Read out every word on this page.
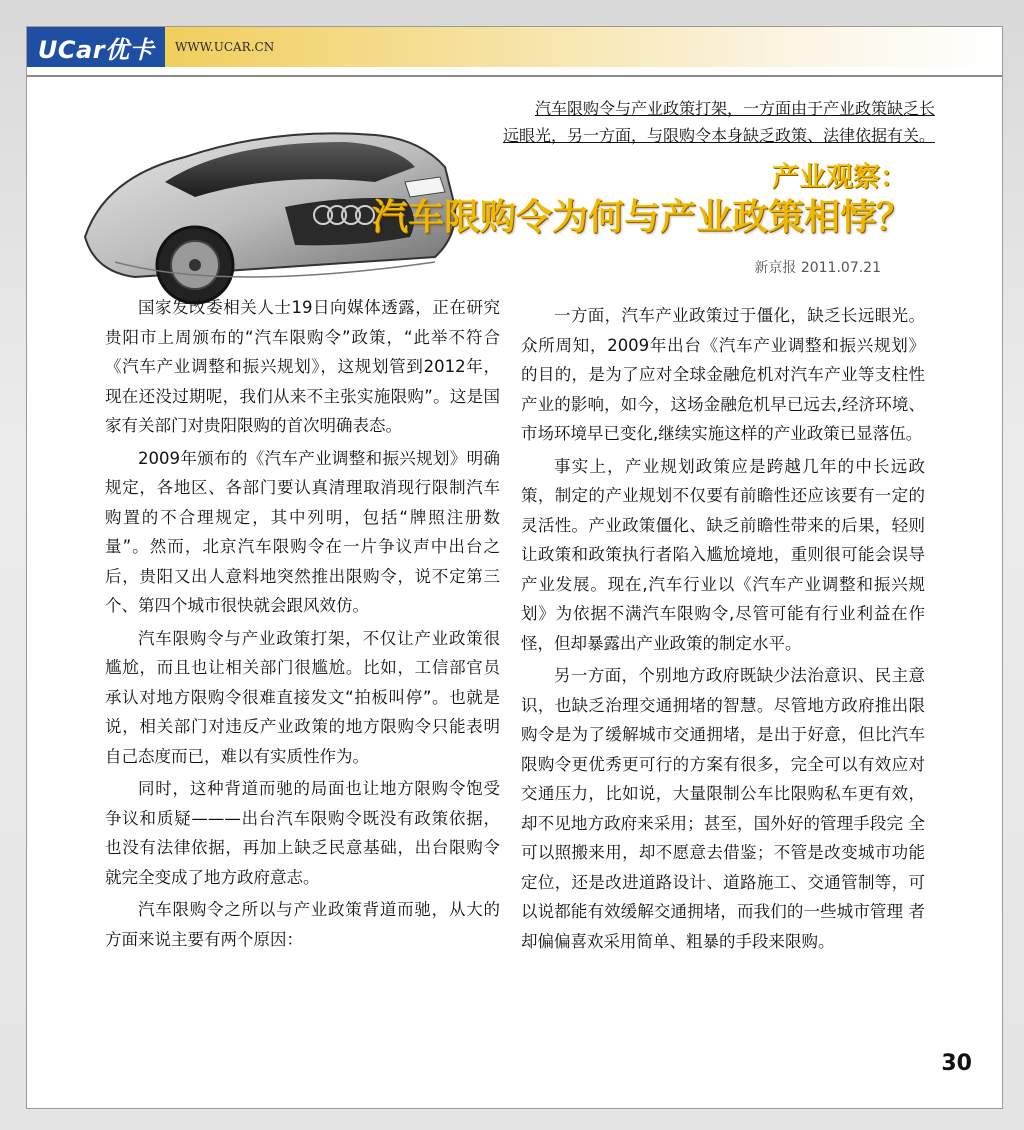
UCar优卡	WWW.UCAR.CN
汽车限购令与产业政策打架，一方面由于产业政策缺乏长
远眼光，另一方面，与限购令本身缺乏政策、法律依据有关。
产业观察：
汽车限购令为何与产业政策相悖？
新京报 2011.07.21

国家发改委相关人士19日向媒体透露，正在研究贵阳市上周颁布的“汽车限购令”政策，“此举不符合《汽车产业调整和振兴规划》，这规划管到2012年，现在还没过期呢，我们从来不主张实施限购”。这是国家有关部门对贵阳限购的首次明确表态。

2009年颁布的《汽车产业调整和振兴规划》明确规定，各地区、各部门要认真清理取消现行限制汽车购置的不合理规定，其中列明，包括“牌照注册数 量”。然而，北京汽车限购令在一片争议声中出台之后，贵阳又出人意料地突然推出限购令，说不定第三个、第四个城市很快就会跟风效仿。

汽车限购令与产业政策打架，不仅让产业政策很尴尬，而且也让相关部门很尴尬。比如，工信部官员承认对地方限购令很难直接发文“拍板叫停”。也就是说，相关部门对违反产业政策的地方限购令只能表明自己态度而已，难以有实质性作为。

同时，这种背道而驰的局面也让地方限购令饱受争议和质疑———出台汽车限购令既没有政策依据，也没有法律依据，再加上缺乏民意基础，出台限购令就完全变成了地方政府意志。

汽车限购令之所以与产业政策背道而驰，从大的方面来说主要有两个原因：

一方面，汽车产业政策过于僵化，缺乏长远眼光。众所周知，2009年出台《汽车产业调整和振兴规划》的目的，是为了应对全球金融危机对汽车产业等支柱性产业的影响，如今，这场金融危机早已远去,经济环境、市场环境早已变化,继续实施这样的产业政策已显落伍。

事实上，产业规划政策应是跨越几年的中长远政策，制定的产业规划不仅要有前瞻性还应该要有一定的灵活性。产业政策僵化、缺乏前瞻性带来的后果，轻则 让政策和政策执行者陷入尴尬境地，重则很可能会误导产业发展。现在,汽车行业以《汽车产业调整和振兴规划》为依据不满汽车限购令,尽管可能有行业利益在作怪，但却暴露出产业政策的制定水平。

另一方面，个别地方政府既缺少法治意识、民主意识，也缺乏治理交通拥堵的智慧。尽管地方政府推出限购令是为了缓解城市交通拥堵，是出于好意，但比汽车限购令更优秀更可行的方案有很多，完全可以有效应对交通压力，比如说，大量限制公车比限购私车更有效，却不见地方政府来采用；甚至，国外好的管理手段完 全可以照搬来用，却不愿意去借鉴；不管是改变城市功能定位，还是改进道路设计、道路施工、交通管制等，可以说都能有效缓解交通拥堵，而我们的一些城市管理 者却偏偏喜欢采用简单、粗暴的手段来限购。

30
